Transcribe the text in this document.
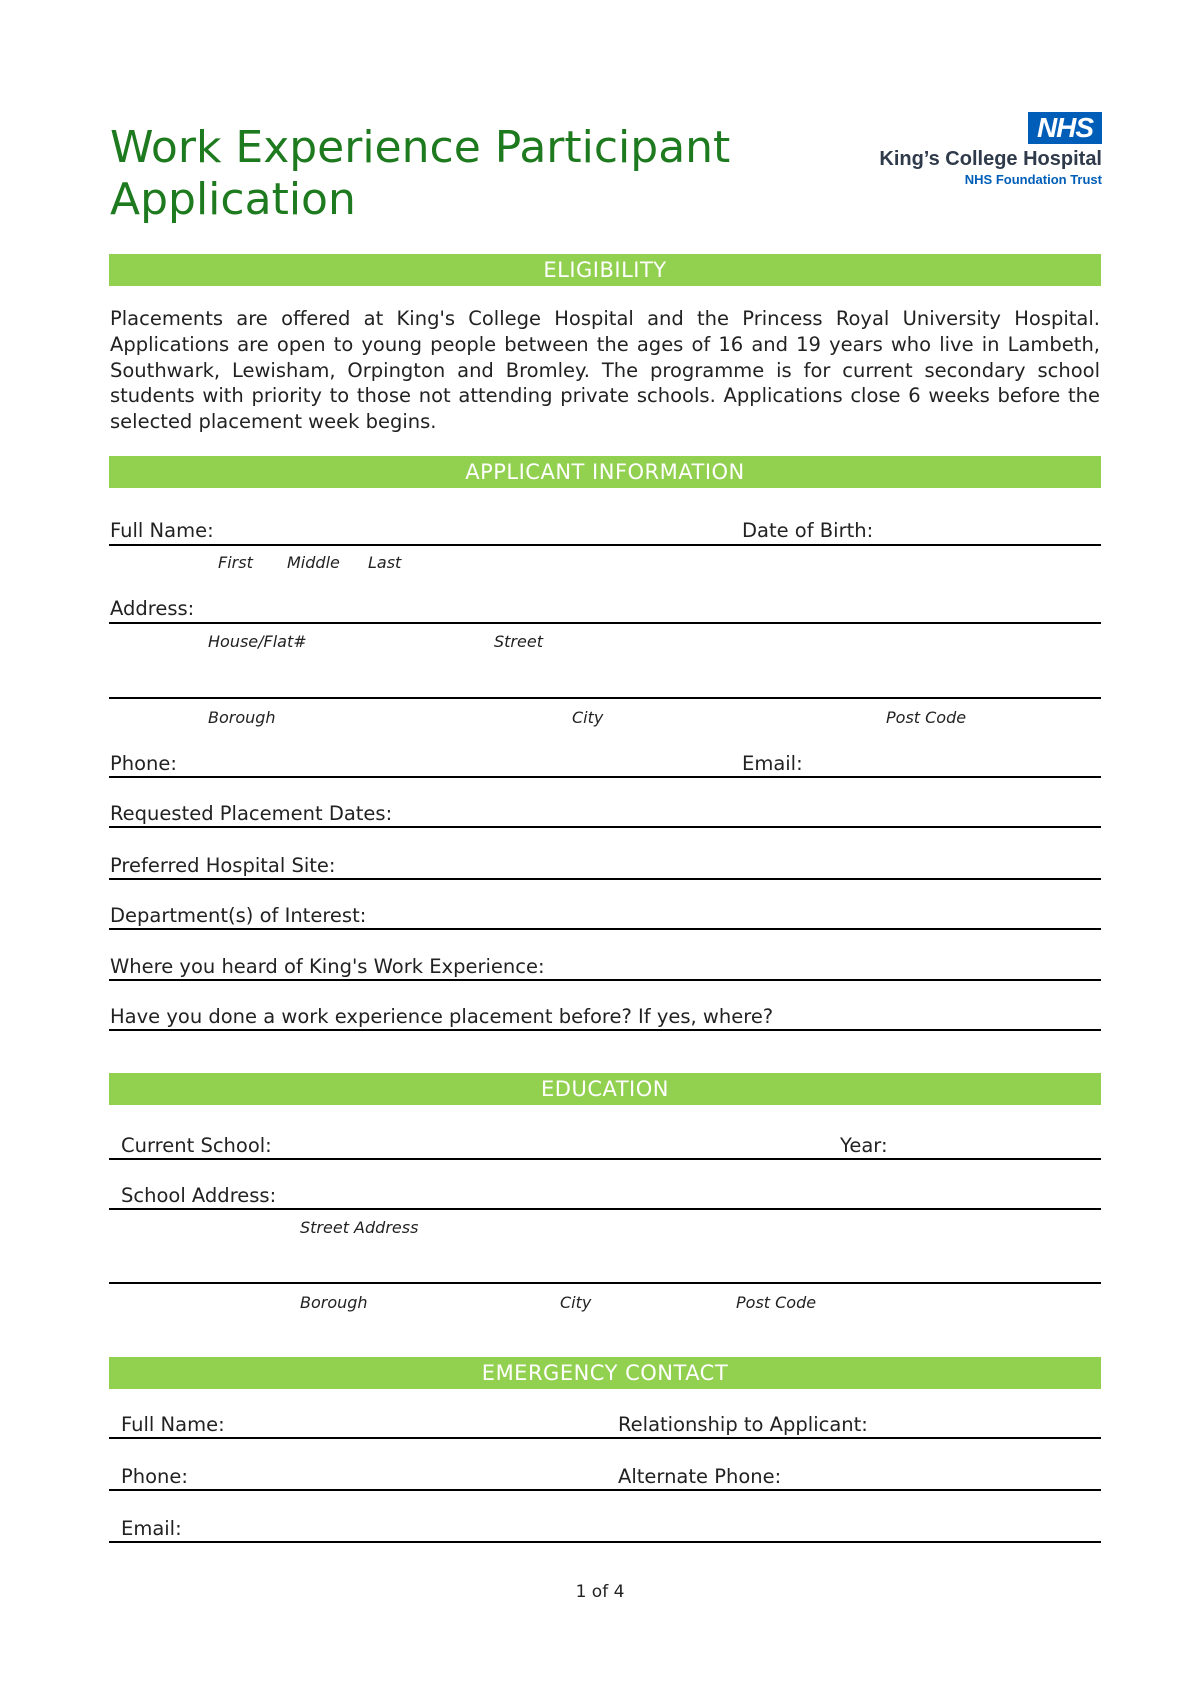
Work Experience Participant
Application
NHS
King’s College Hospital
NHS Foundation Trust
ELIGIBILITY
Placements are offered at King's College Hospital and the Princess Royal University Hospital. Applications are open to young people between the ages of 16 and 19 years who live in Lambeth, Southwark, Lewisham, Orpington and Bromley. The programme is for current secondary school students with priority to those not attending private schools. Applications close 6 weeks before the selected placement week begins.
APPLICANT INFORMATION
Full Name:	Date of Birth:
First Middle Last
Address:
House/Flat#	Street
Borough	City	Post Code
Phone:	Email:
Requested Placement Dates:
Preferred Hospital Site:
Department(s) of Interest:
Where you heard of King's Work Experience:
Have you done a work experience placement before? If yes, where?
EDUCATION
Current School:	Year:
School Address:
Street Address
Borough	City	Post Code
EMERGENCY CONTACT
Full Name:	Relationship to Applicant:
Phone:	Alternate Phone:
Email:
1 of 4
